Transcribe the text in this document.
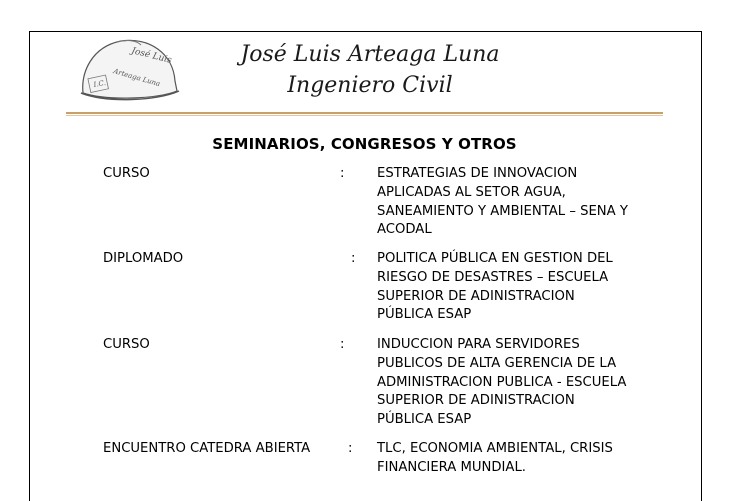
José Luis
I.C. Arteaga Luna
José Luis Arteaga Luna
Ingeniero Civil
SEMINARIOS, CONGRESOS Y OTROS
CURSO	: ESTRATEGIAS DE INNOVACION
APLICADAS AL SETOR AGUA,
SANEAMIENTO Y AMBIENTAL – SENA Y
ACODAL
DIPLOMADO	: POLITICA PÚBLICA EN GESTION DEL
RIESGO DE DESASTRES – ESCUELA
SUPERIOR DE ADINISTRACION
PÚBLICA ESAP
CURSO	: INDUCCION PARA SERVIDORES
PUBLICOS DE ALTA GERENCIA DE LA
ADMINISTRACION PUBLICA - ESCUELA
SUPERIOR DE ADINISTRACION
PÚBLICA ESAP
ENCUENTRO CATEDRA ABIERTA	: TLC, ECONOMIA AMBIENTAL, CRISIS
FINANCIERA MUNDIAL.
